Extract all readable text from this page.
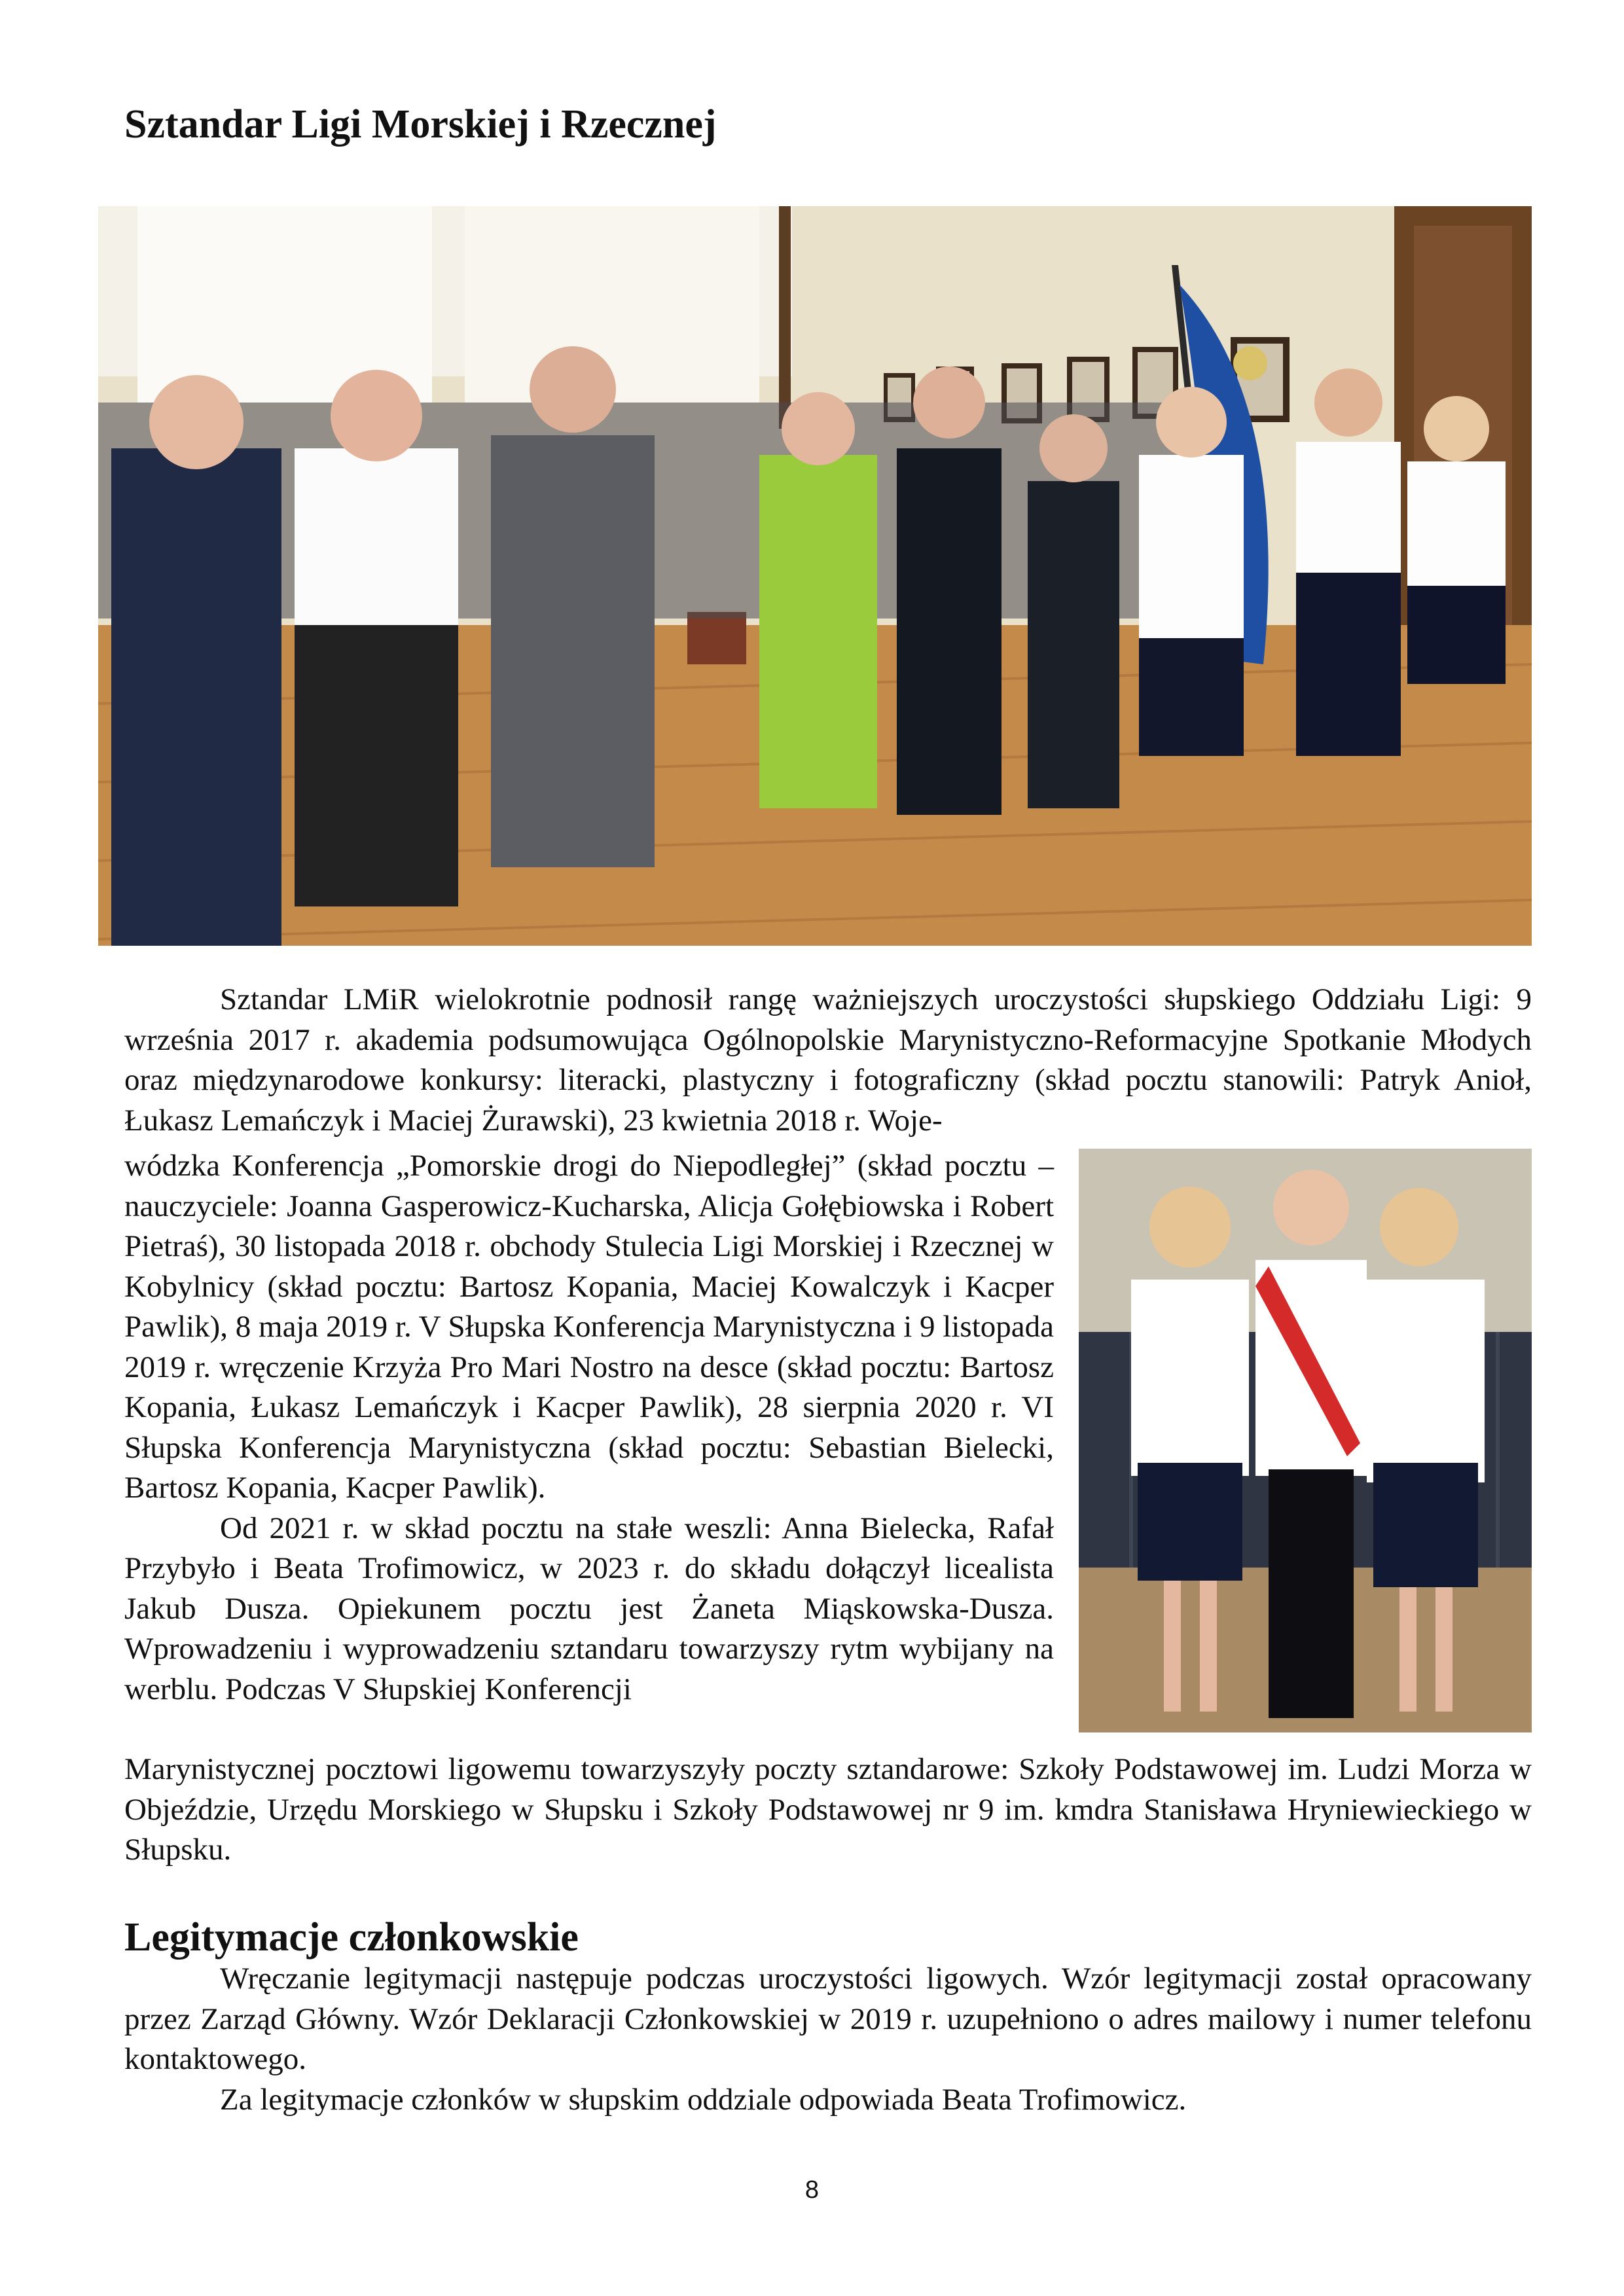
Sztandar Ligi Morskiej i Rzecznej

Sztandar LMiR wielokrotnie podnosił rangę ważniejszych uroczystości słupskiego Oddziału Ligi: 9 września 2017 r. akademia podsumowująca Ogólnopolskie Marynistyczno-Reformacyjne Spotkanie Młodych oraz międzynarodowe konkursy: literacki, plastyczny i fotograficzny (skład pocztu stanowili: Patryk Anioł, Łukasz Lemańczyk i Maciej Żurawski), 23 kwietnia 2018 r. Woje-

wódzka Konferencja „Pomorskie drogi do Niepodległej” (skład pocztu – nauczyciele: Joanna Gasperowicz-Kucharska, Alicja Gołębiowska i Robert Pietraś), 30 listopada 2018 r. obchody Stulecia Ligi Morskiej i Rzecznej w Kobylnicy (skład pocztu: Bartosz Kopania, Maciej Kowalczyk i Kacper Pawlik), 8 maja 2019 r. V Słupska Konferencja Marynistyczna i 9 listopada 2019 r. wręczenie Krzyża Pro Mari Nostro na desce (skład pocztu: Bartosz Kopania, Łukasz Lemańczyk i Kacper Pawlik), 28 sierpnia 2020 r. VI Słupska Konferencja Marynistyczna (skład pocztu: Sebastian Bielecki, Bartosz Kopania, Kacper Pawlik).

Od 2021 r. w skład pocztu na stałe weszli: Anna Bielecka, Rafał Przybyło i Beata Trofimowicz, w 2023 r. do składu dołączył licealista Jakub Dusza. Opiekunem pocztu jest Żaneta Miąskowska-Dusza. Wprowadzeniu i wyprowadzeniu sztandaru towarzyszy rytm wybijany na werblu. Podczas V Słupskiej Konferencji

Marynistycznej pocztowi ligowemu towarzyszyły poczty sztandarowe: Szkoły Podstawowej im. Ludzi Morza w Objeździe, Urzędu Morskiego w Słupsku i Szkoły Podstawowej nr 9 im. kmdra Stanisława Hryniewieckiego w Słupsku.

Legitymacje członkowskie

Wręczanie legitymacji następuje podczas uroczystości ligowych. Wzór legitymacji został opracowany przez Zarząd Główny. Wzór Deklaracji Członkowskiej w 2019 r. uzupełniono o adres mailowy i numer telefonu kontaktowego.

Za legitymacje członków w słupskim oddziale odpowiada Beata Trofimowicz.

8
